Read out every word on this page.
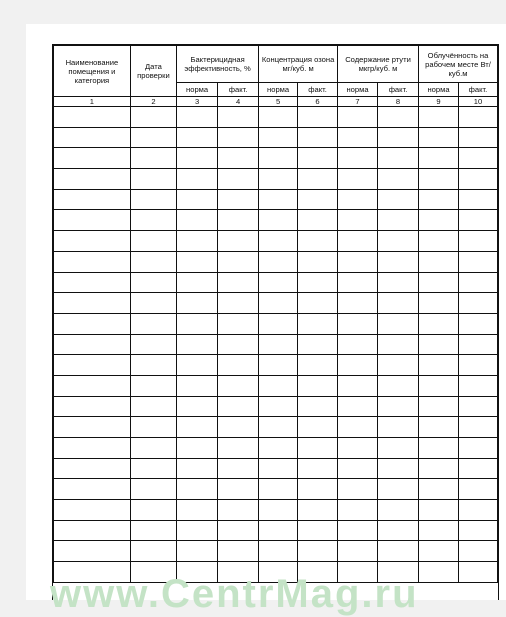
Наименование помещения и категория	Дата проверки	Бактерицидная эффективность, %		Концентрация озона мг/куб. м		Содержание ртути мкгр/куб. м		Облучённость на рабочем месте Вт/куб.м	
		норма	факт.	норма	факт.	норма	факт.	норма	факт.
1	2	3	4	5	6	7	8	9	10

www.CentrMag.ru
